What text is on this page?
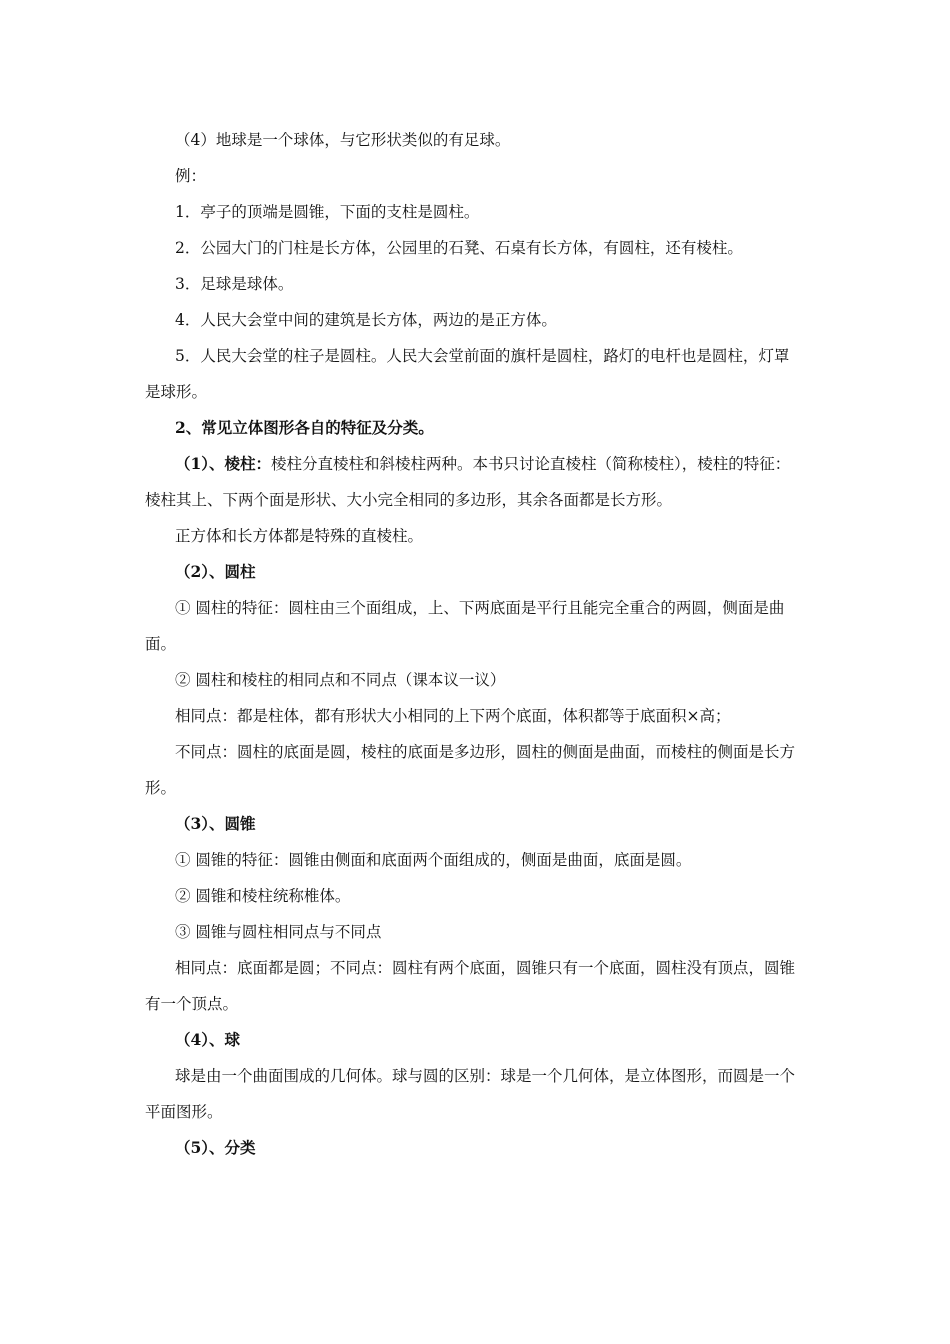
（4）地球是一个球体，与它形状类似的有足球。

例：

1．亭子的顶端是圆锥，下面的支柱是圆柱。

2．公园大门的门柱是长方体，公园里的石凳、石桌有长方体，有圆柱，还有棱柱。

3．足球是球体。

4．人民大会堂中间的建筑是长方体，两边的是正方体。

5．人民大会堂的柱子是圆柱。人民大会堂前面的旗杆是圆柱，路灯的电杆也是圆柱，灯罩

是球形。

2、常见立体图形各自的特征及分类。

（1）、棱柱：棱柱分直棱柱和斜棱柱两种。本书只讨论直棱柱（简称棱柱），棱柱的特征：

棱柱其上、下两个面是形状、大小完全相同的多边形，其余各面都是长方形。

正方体和长方体都是特殊的直棱柱。

（2）、圆柱

① 圆柱的特征：圆柱由三个面组成，上、下两底面是平行且能完全重合的两圆，侧面是曲

面。

② 圆柱和棱柱的相同点和不同点（课本议一议）

相同点：都是柱体，都有形状大小相同的上下两个底面，体积都等于底面积×高；

不同点：圆柱的底面是圆，棱柱的底面是多边形，圆柱的侧面是曲面，而棱柱的侧面是长方

形。

（3）、圆锥

① 圆锥的特征：圆锥由侧面和底面两个面组成的，侧面是曲面，底面是圆。

② 圆锥和棱柱统称椎体。

③ 圆锥与圆柱相同点与不同点

相同点：底面都是圆；不同点：圆柱有两个底面，圆锥只有一个底面，圆柱没有顶点，圆锥

有一个顶点。

（4）、球

球是由一个曲面围成的几何体。球与圆的区别：球是一个几何体，是立体图形，而圆是一个

平面图形。

（5）、分类
